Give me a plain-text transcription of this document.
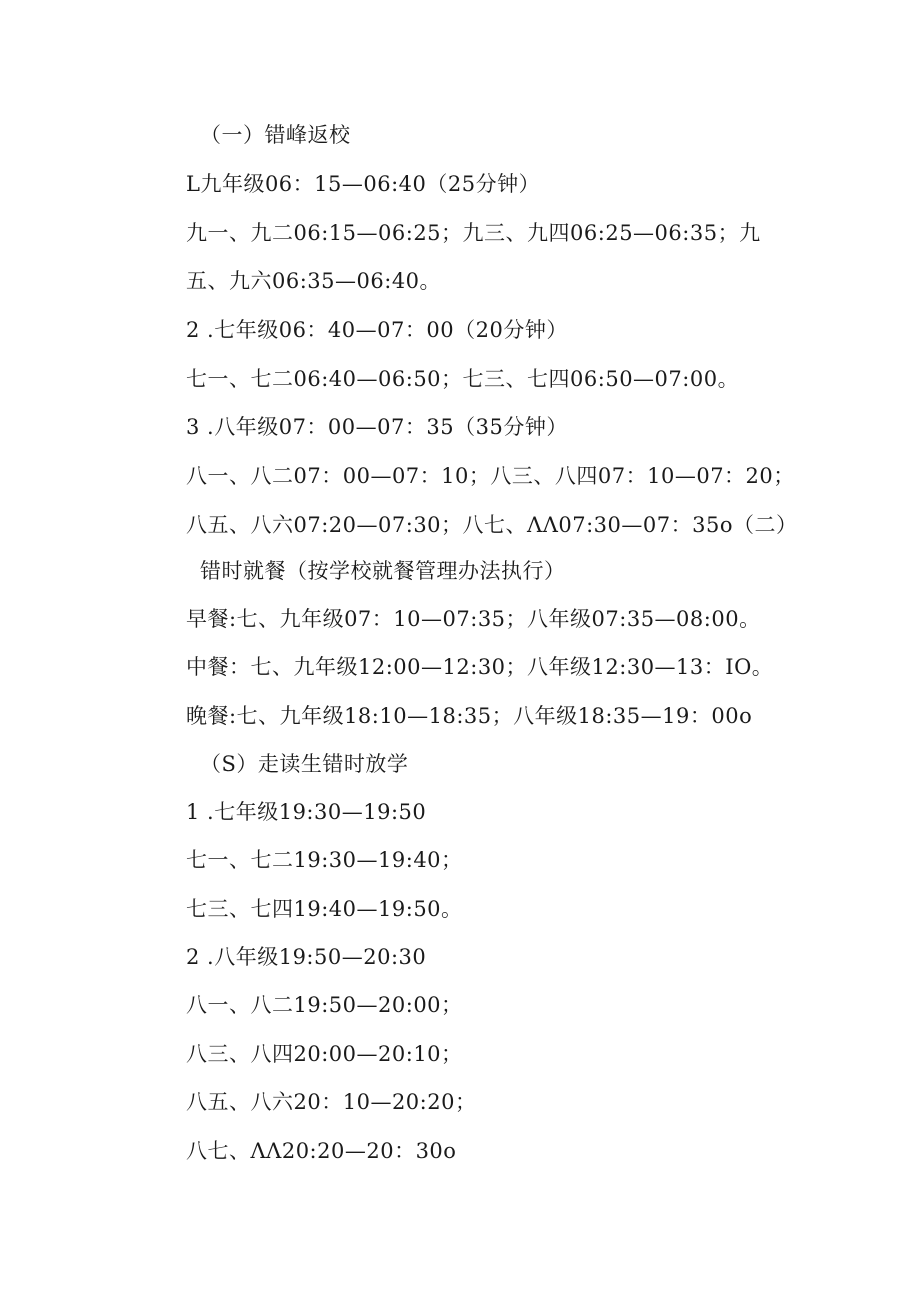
（一）错峰返校
L九年级06：15—06:40（25分钟）
九一、九二06:15—06:25；九三、九四06:25—06:35；九
五、九六06:35—06:40。
2 .七年级06：40—07：00（20分钟）
七一、七二06:40—06:50；七三、七四06:50—07:00。
3 .八年级07：00—07：35（35分钟）
八一、八二07：00—07：10；八三、八四07：10—07：20；
八五、八六07:20—07:30；八七、ΛΛ07:30—07：35o（二）
错时就餐（按学校就餐管理办法执行）
早餐:七、九年级07：10—07:35；八年级07:35—08:00。
中餐：七、九年级12:00—12:30；八年级12:30—13：IO。
晚餐:七、九年级18:10—18:35；八年级18:35—19：00o
（S）走读生错时放学
1 .七年级19:30—19:50
七一、七二19:30—19:40；
七三、七四19:40—19:50。
2 .八年级19:50—20:30
八一、八二19:50—20:00；
八三、八四20:00—20:10；
八五、八六20：10—20:20；
八七、ΛΛ20:20—20：30o
